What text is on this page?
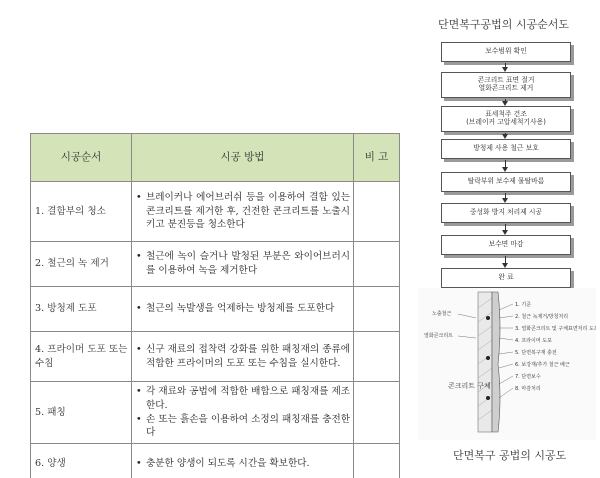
시공순서	시공 방법	비 고
1. 결함부의 청소	• 브레이커나 에어브러쉬 등을 이용하여 결함 있는 콘크리트를 제거한 후, 건전한 콘크리트를 노출시키고 분진등을 청소한다	

2. 철근의 녹 제거	• 철근에 녹이 슬거나 발청된 부분은 와이어브러시를 이용하여 녹을 제거한다	

3. 방청제 도포	• 철근의 녹발생을 억제하는 방청제를 도포한다	

4. 프라이머 도포 또는 수침	• 신구 재료의 접착력 강화를 위한 패칭재의 종류에 적합한 프라이머의 도포 또는 수침을 실시한다.	

5. 패칭	• 각 재료와 공법에 적합한 배합으로 패칭재를 제조한다.
• 손 또는 흙손을 이용하여 소정의 패칭재를 충전한다	

6. 양생	• 충분한 양생이 되도록 시간을 확보한다.	

단면복구공법의 시공순서도
보수범위 확인
콘크리트 표면 절거
열화콘크리트 제거
표세척주 건조
(브레이커 고압세척기사용)
방청제 사용 철근 보호
탈락부위 보수제 물탈바름
중성화 방지 처리제 시공
보수면 마감
완 료
1. 기준
2. 철근 녹제거/방청처리
3. 열화콘크리트 및 구체표면처리 도포
4. 프라이머 도포
5. 단면복구재 충전
6. 보강재/추가 철근 배근
7. 단면보수
8. 마감처리
노출철근
열화콘크리트
콘크리트 구체
단면복구 공법의 시공도
